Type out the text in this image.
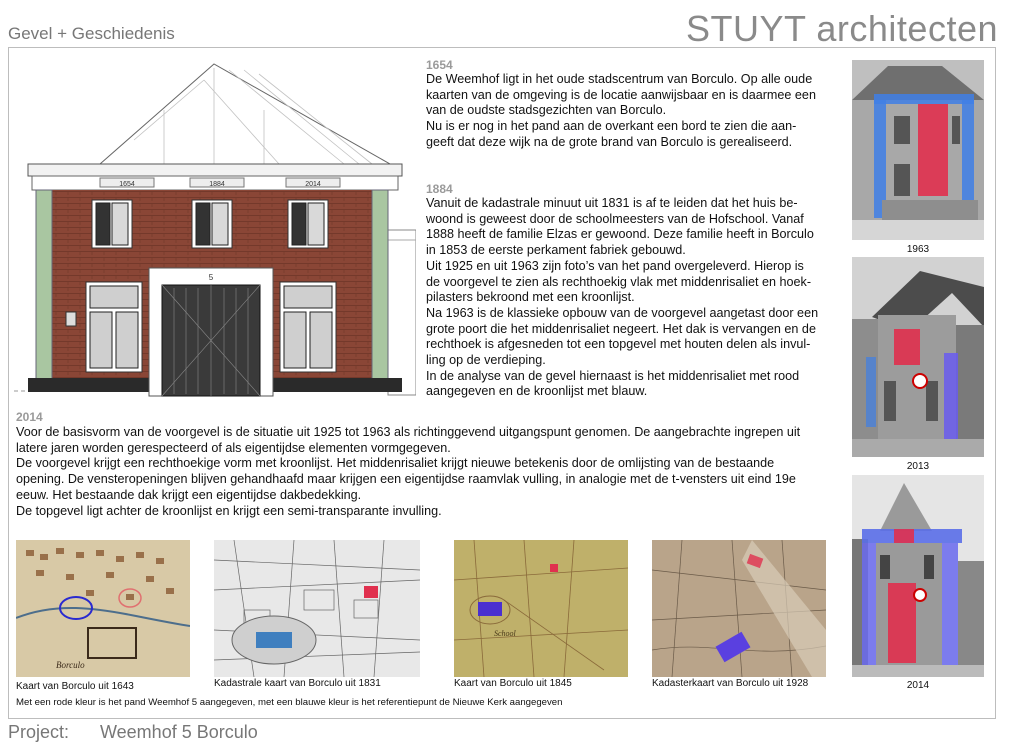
Gevel + Geschiedenis	STUYT architecten
1654	1884	2014
5
1654
De Weemhof ligt in het oude stadscentrum van Borculo. Op alle oude
kaarten van de omgeving is de locatie aanwijsbaar en is daarmee een
van de oudste stadsgezichten van Borculo.
Nu is er nog in het pand aan de overkant een bord te zien die aan-
geeft dat deze wijk na de grote brand van Borculo is gerealiseerd.
1884
Vanuit de kadastrale minuut uit 1831 is af te leiden dat het huis be-
woond is geweest door de schoolmeesters van de Hofschool. Vanaf
1888 heeft de familie Elzas er gewoond. Deze familie heeft in Borculo
in 1853 de eerste perkament fabriek gebouwd.
Uit 1925 en uit 1963 zijn foto’s van het pand overgeleverd. Hierop is
de voorgevel te zien als rechthoekig vlak met middenrisaliet en hoek-
pilasters bekroond met een kroonlijst.
Na 1963 is de klassieke opbouw van de voorgevel aangetast door een
grote poort die het middenrisaliet negeert. Het dak is vervangen en de
rechthoek is afgesneden tot een topgevel met houten delen als invul-
ling op de verdieping.
In de analyse van de gevel hiernaast is het middenrisaliet met rood
aangegeven en de kroonlijst met blauw.
2014
Voor de basisvorm van de voorgevel is de situatie uit 1925 tot 1963 als richtinggevend uitgangspunt genomen. De aangebrachte ingrepen uit
latere jaren worden gerespecteerd of als eigentijdse elementen vormgegeven.
De voorgevel krijgt een rechthoekige vorm met kroonlijst. Het middenrisaliet krijgt nieuwe betekenis door de omlijsting van de bestaande
opening. De vensteropeningen blijven gehandhaafd maar krijgen een eigentijdse raamvlak vulling, in analogie met de t-vensters uit eind 19e
eeuw. Het bestaande dak krijgt een eigentijdse dakbedekking.
De topgevel ligt achter de kroonlijst en krijgt een semi-transparante invulling.
1963
2013
2014
Borculo
Kaart van Borculo uit 1643	Kadastrale kaart van Borculo uit 1831
School
Kaart van Borculo uit 1845	Kadasterkaart van Borculo uit 1928
Met een rode kleur is het pand Weemhof 5 aangegeven, met een blauwe kleur is het referentiepunt de Nieuwe Kerk aangegeven
Project: Weemhof 5 Borculo
